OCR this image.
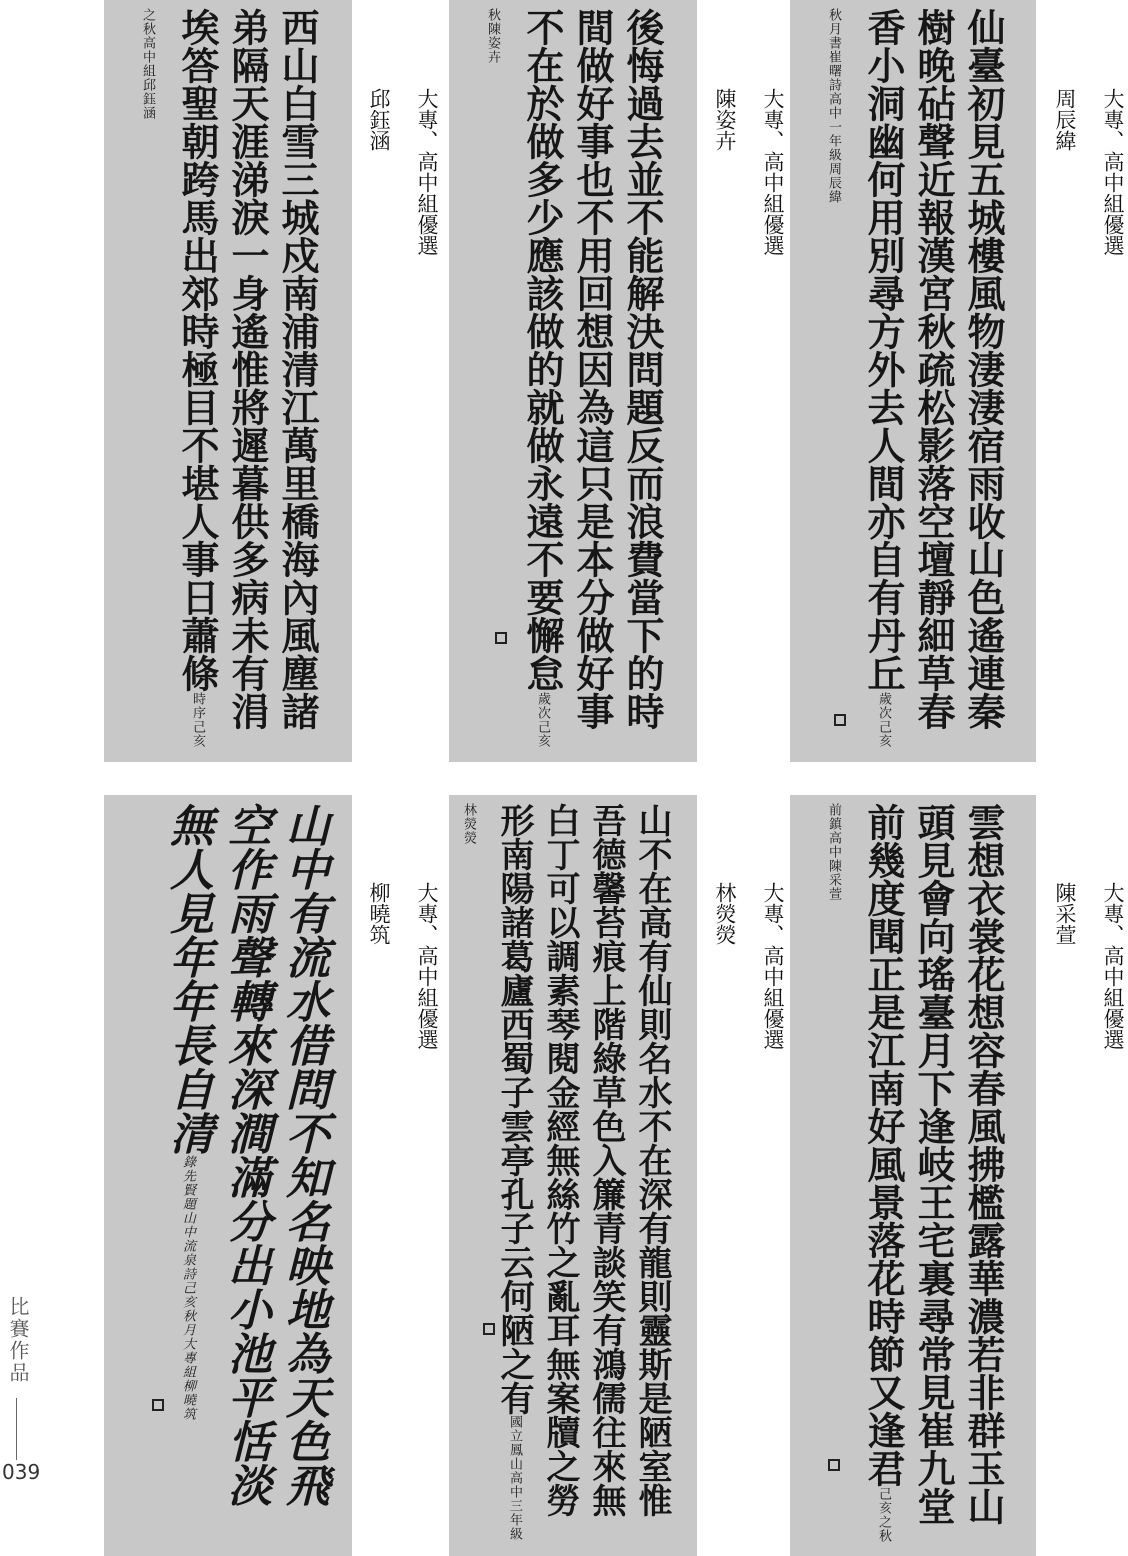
仙臺初見五城樓風物淒淒宿雨收山色遙連秦樹晚砧聲近報漢宮秋疏松影落空壇靜細草春香小洞幽何用別尋方外去人間亦自有丹丘歲次己亥秋月書崔曙詩高中一年級周辰緯	大專、高中組優選
周辰緯
後悔過去並不能解決問題反而浪費當下的時間做好事也不用回想因為這只是本分做好事不在於做多少應該做的就做永遠不要懈怠歲次己亥秋陳姿卉
大專、高中組優選
陳姿卉
西山白雪三城戍南浦清江萬里橋海內風塵諸弟隔天涯涕淚一身遙惟將遲暮供多病未有涓埃答聖朝跨馬出郊時極目不堪人事日蕭條時序己亥之秋高中組邱鈺涵
大專、高中組優選
邱鈺涵
雲想衣裳花想容春風拂檻露華濃若非群玉山頭見會向瑤臺月下逢岐王宅裏尋常見崔九堂前幾度聞正是江南好風景落花時節又逢君己亥之秋前鎮高中陳采萱
大專、高中組優選
陳采萱
山不在高有仙則名水不在深有龍則靈斯是陋室惟吾德馨苔痕上階綠草色入簾青談笑有鴻儒往來無白丁可以調素琴閱金經無絲竹之亂耳無案牘之勞形南陽諸葛廬西蜀子雲亭孔子云何陋之有國立鳳山高中三年級林熒熒
大專、高中組優選
林熒熒
山中有流水借問不知名映地為天色飛空作雨聲轉來深澗滿分出小池平恬淡無人見年年長自清錄先賢題山中流泉詩己亥秋月大專組柳曉筑
大專、高中組優選
柳曉筑
比賽作品
039
